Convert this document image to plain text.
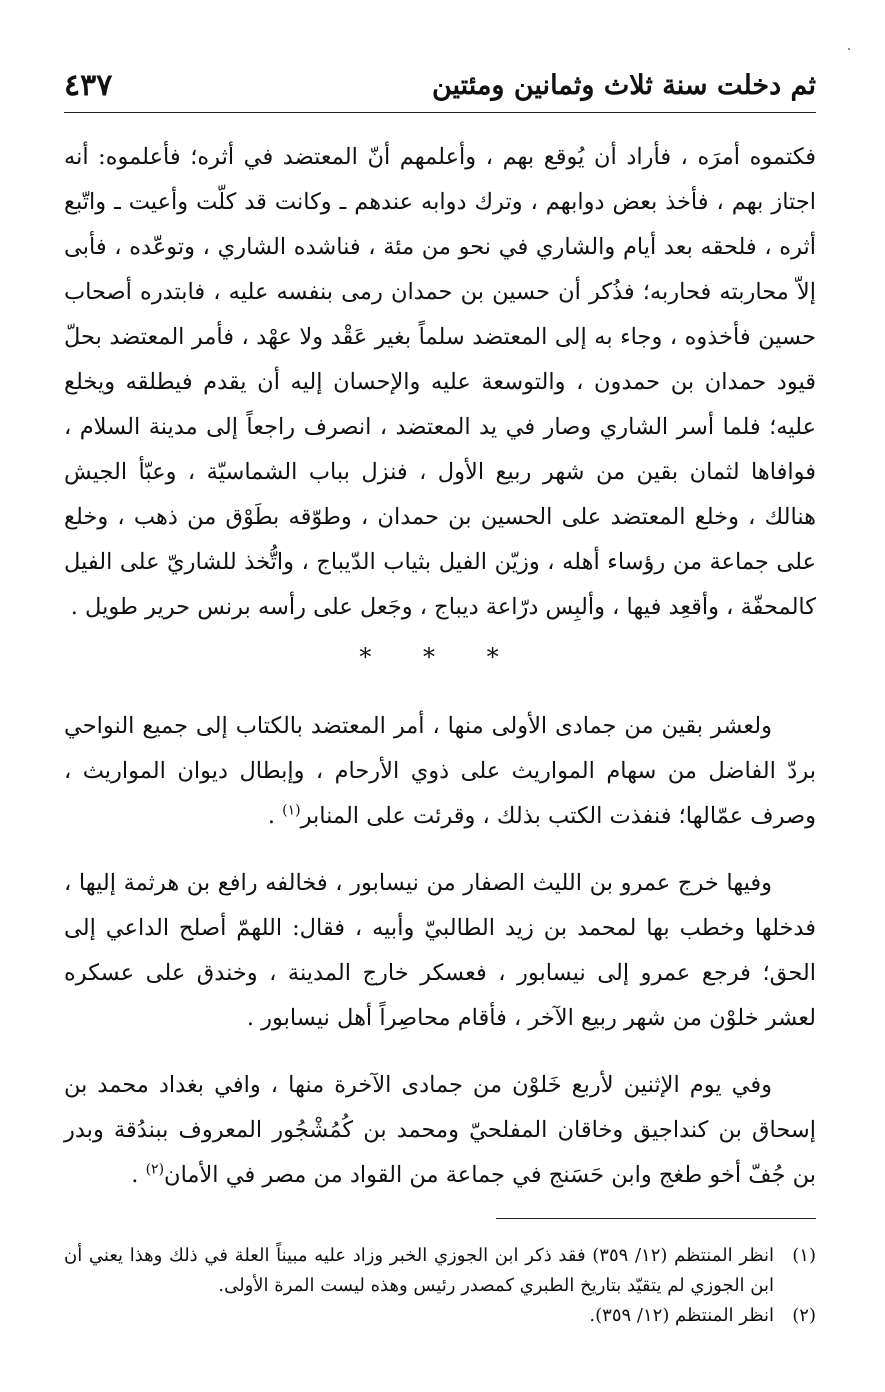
ثم دخلت سنة ثلاث وثمانين ومئتين
٤٣٧

فكتموه أمرَه ، فأراد أن يُوقع بهم ، وأعلمهم أنّ المعتضد في أثره؛ فأعلموه: أنه اجتاز بهم ، فأخذ بعض دوابهم ، وترك دوابه عندهم ـ وكانت قد كلّت وأعيت ـ واتّبع أثره ، فلحقه بعد أيام والشاري في نحو من مئة ، فناشده الشاري ، وتوعّده ، فأبى إلاّ محاربته فحاربه؛ فذُكر أن حسين بن حمدان رمى بنفسه عليه ، فابتدره أصحاب حسين فأخذوه ، وجاء به إلى المعتضد سلماً بغير عَقْد ولا عهْد ، فأمر المعتضد بحلّ قيود حمدان بن حمدون ، والتوسعة عليه والإحسان إليه أن يقدم فيطلقه ويخلع عليه؛ فلما أسر الشاري وصار في يد المعتضد ، انصرف راجعاً إلى مدينة السلام ، فوافاها لثمان بقين من شهر ربيع الأول ، فنزل بباب الشماسيّة ، وعبّأ الجيش هنالك ، وخلع المعتضد على الحسين بن حمدان ، وطوّقه بطَوْق من ذهب ، وخلع على جماعة من رؤساء أهله ، وزيّن الفيل بثياب الدّيباج ، واتُّخذ للشاريّ على الفيل كالمحفّة ، وأقعِد فيها ، وألبِس درّاعة ديباج ، وجَعل على رأسه برنس حرير طويل .

* * *

ولعشر بقين من جمادى الأولى منها ، أمر المعتضد بالكتاب إلى جميع النواحي بردّ الفاضل من سهام المواريث على ذوي الأرحام ، وإبطال ديوان المواريث ، وصرف عمّالها؛ فنفذت الكتب بذلك ، وقرئت على المنابر$^{(١)}$ .

وفيها خرج عمرو بن الليث الصفار من نيسابور ، فخالفه رافع بن هرثمة إليها ، فدخلها وخطب بها لمحمد بن زيد الطالبيّ وأبيه ، فقال: اللهمّ أصلح الداعي إلى الحق؛ فرجع عمرو إلى نيسابور ، فعسكر خارج المدينة ، وخندق على عسكره لعشر خلوْن من شهر ربيع الآخر ، فأقام محاصِراً أهل نيسابور .

وفي يوم الإثنين لأربع خَلوْن من جمادى الآخرة منها ، وافي بغداد محمد بن إسحاق بن كنداجيق وخاقان المفلحيّ ومحمد بن كُمُشْجُور المعروف ببندُقة وبدر بن جُفّ أخو طغج وابن حَسَنج في جماعة من القواد من مصر في الأمان$^{(٢)}$ .

(١)
انظر المنتظم (١٢/ ٣٥٩) فقد ذكر ابن الجوزي الخبر وزاد عليه مبيناً العلة في ذلك وهذا يعني أن ابن الجوزي لم يتقيّد بتاريخ الطبري كمصدر رئيس وهذه ليست المرة الأولى.

(٢)
انظر المنتظم (١٢/ ٣٥٩).
